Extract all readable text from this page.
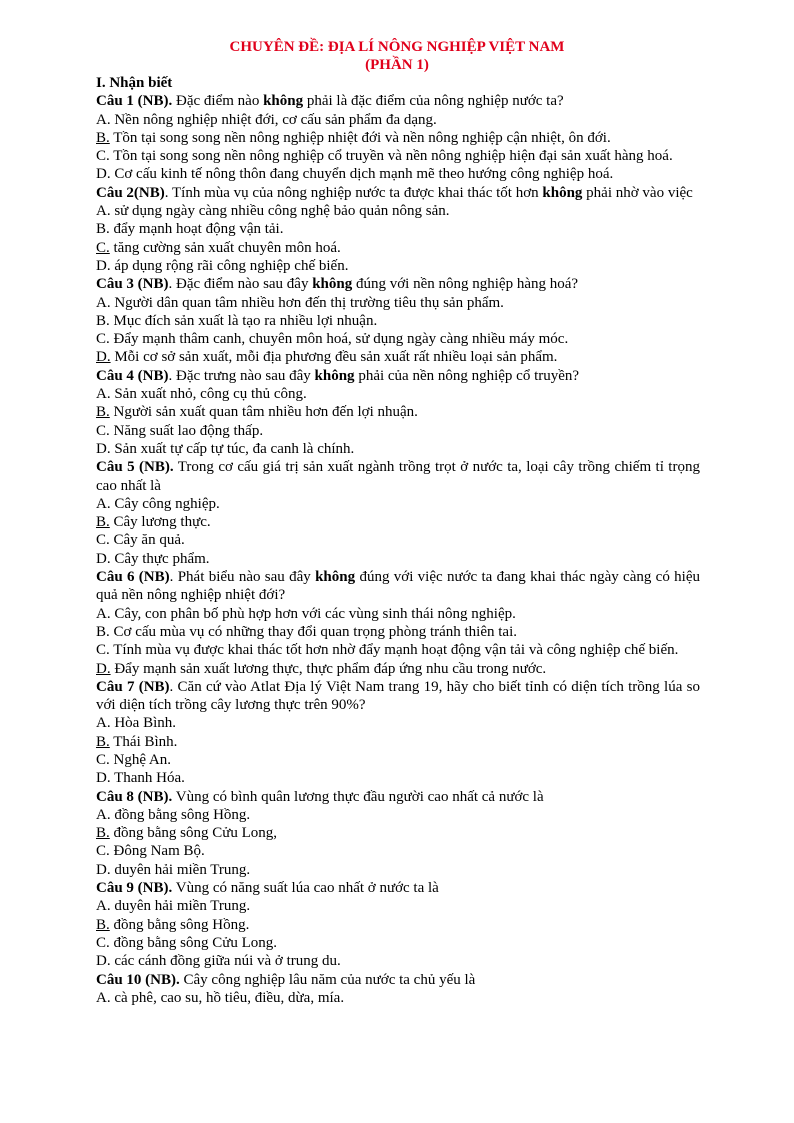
CHUYÊN ĐỀ: ĐỊA LÍ NÔNG NGHIỆP VIỆT NAM
(PHẦN 1)

I. Nhận biết

Câu 1 (NB). Đặc điểm nào không phải là đặc điểm của nông nghiệp nước ta?

A. Nền nông nghiệp nhiệt đới, cơ cấu sản phẩm đa dạng.

B. Tồn tại song song nền nông nghiệp nhiệt đới và nền nông nghiệp cận nhiệt, ôn đới.

C. Tồn tại song song nền nông nghiệp cổ truyền và nền nông nghiệp hiện đại sản xuất hàng hoá.

D. Cơ cấu kinh tế nông thôn đang chuyển dịch mạnh mẽ theo hướng công nghiệp hoá.

Câu 2(NB). Tính mùa vụ của nông nghiệp nước ta được khai thác tốt hơn không phải nhờ vào việc

A. sử dụng ngày càng nhiều công nghệ bảo quản nông sản.

B. đẩy mạnh hoạt động vận tải.

C. tăng cường sản xuất chuyên môn hoá.

D. áp dụng rộng rãi công nghiệp chế biến.

Câu 3 (NB). Đặc điểm nào sau đây không đúng với nền nông nghiệp hàng hoá?

A. Người dân quan tâm nhiều hơn đến thị trường tiêu thụ sản phẩm.

B. Mục đích sản xuất là tạo ra nhiều lợi nhuận.

C. Đẩy mạnh thâm canh, chuyên môn hoá, sử dụng ngày càng nhiều máy móc.

D. Mỗi cơ sở sản xuất, mỗi địa phương đều sản xuất rất nhiều loại sản phẩm.

Câu 4 (NB). Đặc trưng nào sau đây không phải của nền nông nghiệp cổ truyền?

A. Sản xuất nhỏ, công cụ thủ công.

B. Người sản xuất quan tâm nhiều hơn đến lợi nhuận.

C. Năng suất lao động thấp.

D. Sản xuất tự cấp tự túc, đa canh là chính.

Câu 5 (NB). Trong cơ cấu giá trị sản xuất ngành trồng trọt ở nước ta, loại cây trồng chiếm tỉ trọng cao nhất là

A. Cây công nghiệp.

B. Cây lương thực.

C. Cây ăn quả.

D. Cây thực phẩm.

Câu 6 (NB). Phát biểu nào sau đây không đúng với việc nước ta đang khai thác ngày càng có hiệu quả nền nông nghiệp nhiệt đới?

A. Cây, con phân bố phù hợp hơn với các vùng sinh thái nông nghiệp.

B. Cơ cấu mùa vụ có những thay đổi quan trọng phòng tránh thiên tai.

C. Tính mùa vụ được khai thác tốt hơn nhờ đẩy mạnh hoạt động vận tải và công nghiệp chế biến.

D. Đẩy mạnh sản xuất lương thực, thực phẩm đáp ứng nhu cầu trong nước.

Câu 7 (NB). Căn cứ vào Atlat Địa lý Việt Nam trang 19, hãy cho biết tỉnh có diện tích trồng lúa so với diện tích trồng cây lương thực trên 90%?

A. Hòa Bình.

B. Thái Bình.

C. Nghệ An.

D. Thanh Hóa.

Câu 8 (NB). Vùng có bình quân lương thực đầu người cao nhất cả nước là

A. đồng bằng sông Hồng.

B. đồng bằng sông Cửu Long,

C. Đông Nam Bộ.

D. duyên hải miền Trung.

Câu 9 (NB). Vùng có năng suất lúa cao nhất ở nước ta là

A. duyên hải miền Trung.

B. đồng bằng sông Hồng.

C. đồng bằng sông Cửu Long.

D. các cánh đồng giữa núi và ở trung du.

Câu 10 (NB). Cây công nghiệp lâu năm của nước ta chủ yếu là

A. cà phê, cao su, hồ tiêu, điều, dừa, mía.
